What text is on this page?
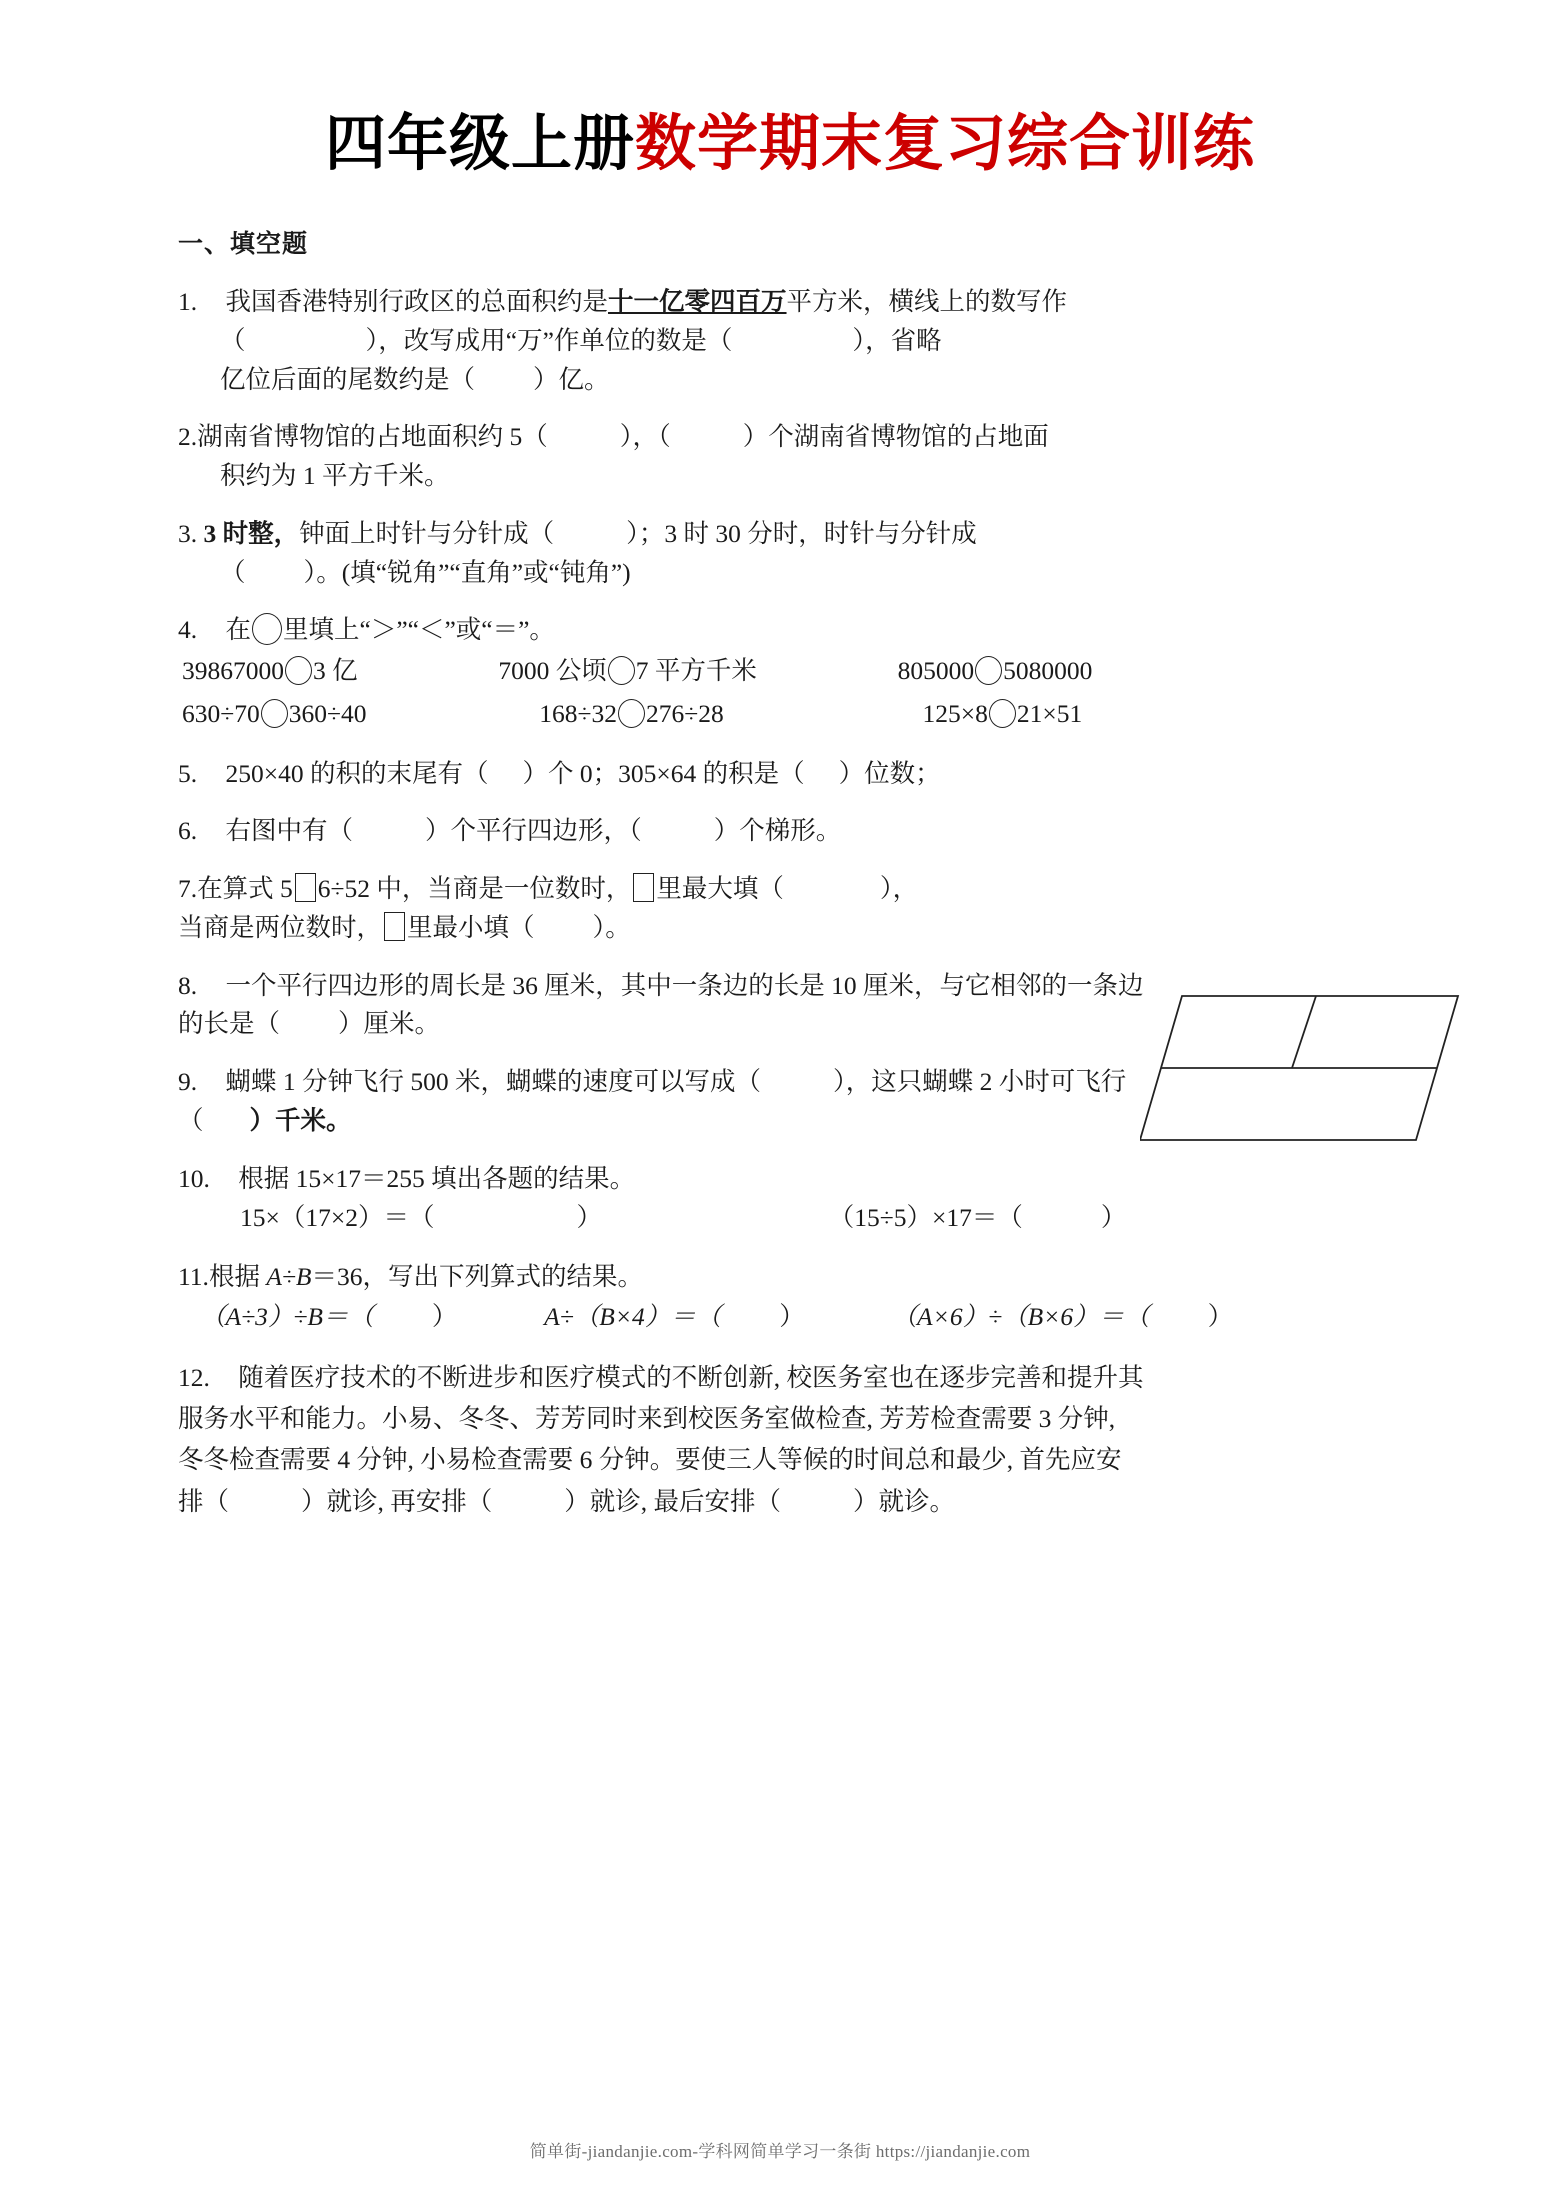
四年级上册数学期末复习综合训练
一、填空题
1. 我国香港特别行政区的总面积约是十一亿零四百万平方米，横线上的数写作
（	），改写成用“万”作单位的数是（	），省略
亿位后面的尾数约是（ ）亿。
2.湖南省博物馆的占地面积约 5（	），（	）个湖南省博物馆的占地面
积约为 1 平方千米。
3. 3 时整，钟面上时针与分针成（	）；3 时 30 分时，时针与分针成
（ ）。(填“锐角”“直角”或“钝角”)
4. 在 里填上“＞”“＜”或“＝”。
39867000 3 亿	7000 公顷 7 平方千米	805000 5080000
630÷70 360÷40	168÷32 276÷28	125×8 21×51
5. 250×40 的积的末尾有（ ）个 0；305×64 的积是（ ）位数；
6. 右图中有（	）个平行四边形，（	）个梯形。
7.在算式 5 6÷52 中，当商是一位数时， 里最大填（	），
当商是两位数时， 里最小填（ ）。
8. 一个平行四边形的周长是 36 厘米，其中一条边的长是 10 厘米，与它相邻的一条边
的长是（ ）厘米。
9. 蝴蝶 1 分钟飞行 500 米，蝴蝶的速度可以写成（	），这只蝴蝶 2 小时可飞行
（ ）千米。
10. 根据 15×17＝255 填出各题的结果。
15×（17×2）＝（	）	（15÷5）×17＝（	）
11.根据 A÷B＝36，写出下列算式的结果。
（A÷3）÷B＝（ ）	A÷（B×4）＝（ ）	（A×6）÷（B×6）＝（ ）
12. 随着医疗技术的不断进步和医疗模式的不断创新, 校医务室也在逐步完善和提升其
服务水平和能力。小易、冬冬、芳芳同时来到校医务室做检查, 芳芳检查需要 3 分钟,
冬冬检查需要 4 分钟, 小易检查需要 6 分钟。要使三人等候的时间总和最少, 首先应安
排（	）就诊, 再安排（	）就诊, 最后安排（	）就诊。
简单街-jiandanjie.com-学科网简单学习一条街 https://jiandanjie.com
